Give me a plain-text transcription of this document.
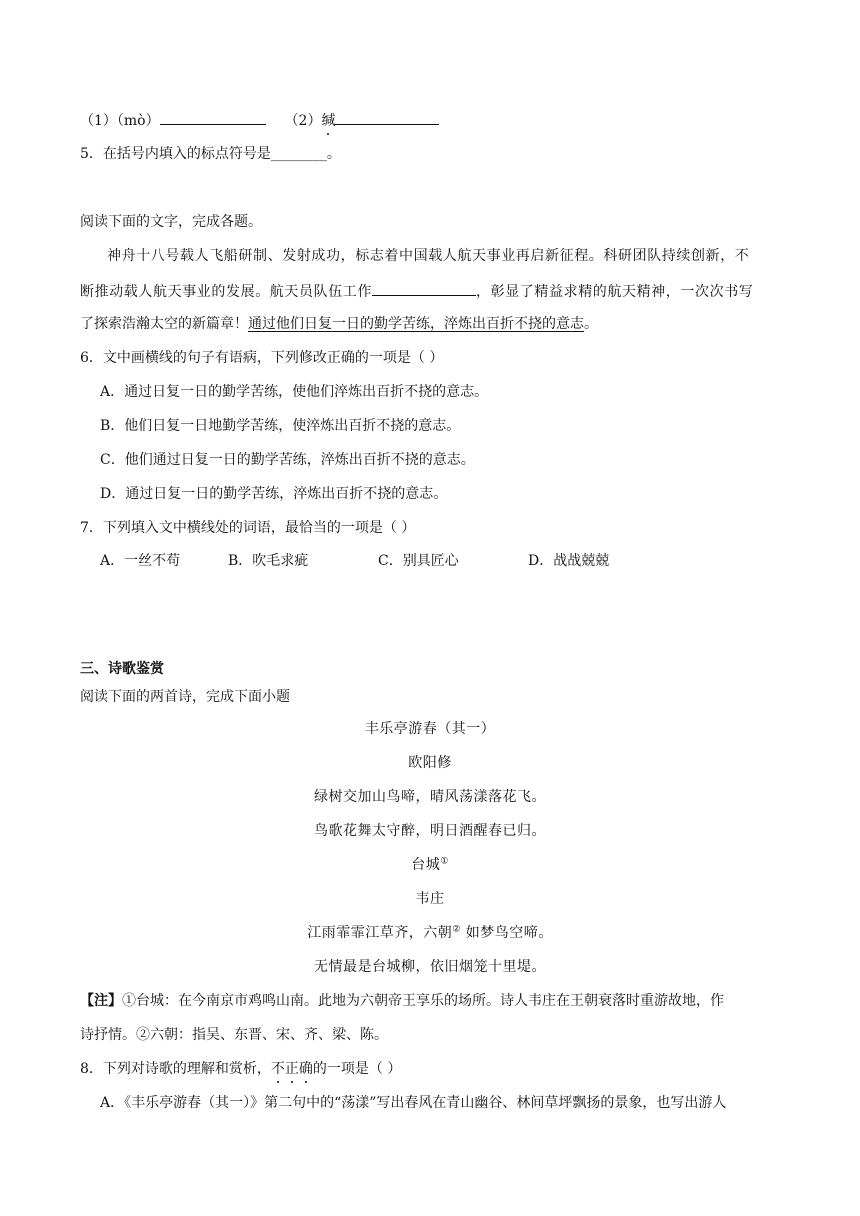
（1）（mò）	（2）缄
5．在括号内填入的标点符号是________。
阅读下面的文字，完成各题。
神舟十八号载人飞船研制、发射成功，标志着中国载人航天事业再启新征程。科研团队持续创新，不
断推动载人航天事业的发展。航天员队伍工作	，彰显了精益求精的航天精神，一次次书写
了探索浩瀚太空的新篇章！通过他们日复一日的勤学苦练，淬炼出百折不挠的意志。
6．文中画横线的句子有语病，下列修改正确的一项是（ ）
A．通过日复一日的勤学苦练，使他们淬炼出百折不挠的意志。
B．他们日复一日地勤学苦练，使淬炼出百折不挠的意志。
C．他们通过日复一日的勤学苦练，淬炼出百折不挠的意志。
D．通过日复一日的勤学苦练，淬炼出百折不挠的意志。
7．下列填入文中横线处的词语，最恰当的一项是（ ）
A．一丝不苟	B．吹毛求疵	C．别具匠心	D．战战兢兢
三、诗歌鉴赏
阅读下面的两首诗，完成下面小题
丰乐亭游春（其一）
欧阳修
绿树交加山鸟啼，晴风荡漾落花飞。
鸟歌花舞太守醉，明日酒醒春已归。
台城①
韦庄
江雨霏霏江草齐，六朝② 如梦鸟空啼。
无情最是台城柳，依旧烟笼十里堤。
【注】①台城：在今南京市鸡鸣山南。此地为六朝帝王享乐的场所。诗人韦庄在王朝衰落时重游故地，作
诗抒情。②六朝：指吴、东晋、宋、齐、梁、陈。
8．下列对诗歌的理解和赏析，不正确的一项是（ ）
A．《丰乐亭游春（其一）》第二句中的“荡漾”写出春风在青山幽谷、林间草坪飘扬的景象，也写出游人
